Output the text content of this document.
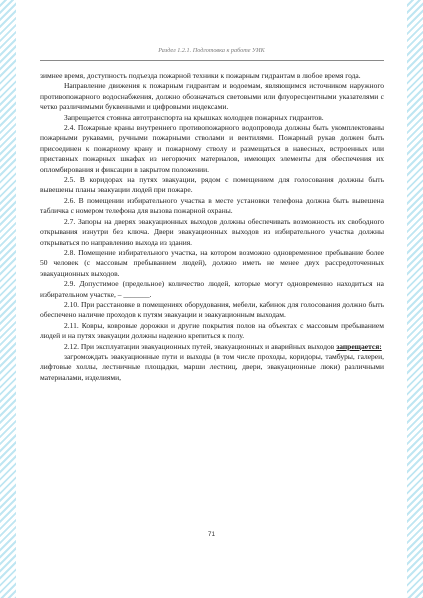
Раздел 1.2.1. Подготовка к работе УИК

зимнее время, доступность подъезда пожарной техники к пожарным гидрантам в любое время года.

Направление движения к пожарным гидрантам и водоемам, являющимся источником наружного противопожарного водоснабжения, должно обозначаться световыми или флуоресцентными указателями с четко различимыми буквенными и цифровыми индексами.

Запрещается стоянка автотранспорта на крышках колодцев пожарных гидрантов.

2.4. Пожарные краны внутреннего противопожарного водопровода должны быть укомплектованы пожарными рукавами, ручными пожарными стволами и вентилями. Пожарный рукав должен быть присоединен к пожарному крану и пожарному стволу и размещаться в навесных, встроенных или приставных пожарных шкафах из негорючих материалов, имеющих элементы для обеспечения их опломбирования и фиксации в закрытом положении.

2.5. В коридорах на путях эвакуации, рядом с помещением для голосования должны быть вывешены планы эвакуации людей при пожаре.

2.6. В помещении избирательного участка в месте установки телефона должна быть вывешена табличка с номером телефона для вызова пожарной охраны.

2.7. Запоры на дверях эвакуационных выходов должны обеспечивать возможность их свободного открывания изнутри без ключа. Двери эвакуационных выходов из избирательного участка должны открываться по направлению выхода из здания.

2.8. Помещение избирательного участка, на котором возможно одновременное пребывание более 50 человек (с массовым пребыванием людей), должно иметь не менее двух рассредоточенных эвакуационных выходов.

2.9. Допустимое (предельное) количество людей, которые могут одновременно находиться на избирательном участке, – _______.

2.10. При расстановке в помещениях оборудования, мебели, кабинок для голосования должно быть обеспечено наличие проходов к путям эвакуации и эвакуационным выходам.

2.11. Ковры, ковровые дорожки и другие покрытия полов на объектах с массовым пребыванием людей и на путях эвакуации должны надежно крепиться к полу.

2.12. При эксплуатации эвакуационных путей, эвакуационных и аварийных выходов запрещается:

загромождать эвакуационные пути и выходы (в том числе проходы, коридоры, тамбуры, галереи, лифтовые холлы, лестничные площадки, марши лестниц, двери, эвакуационные люки) различными материалами, изделиями,

71
